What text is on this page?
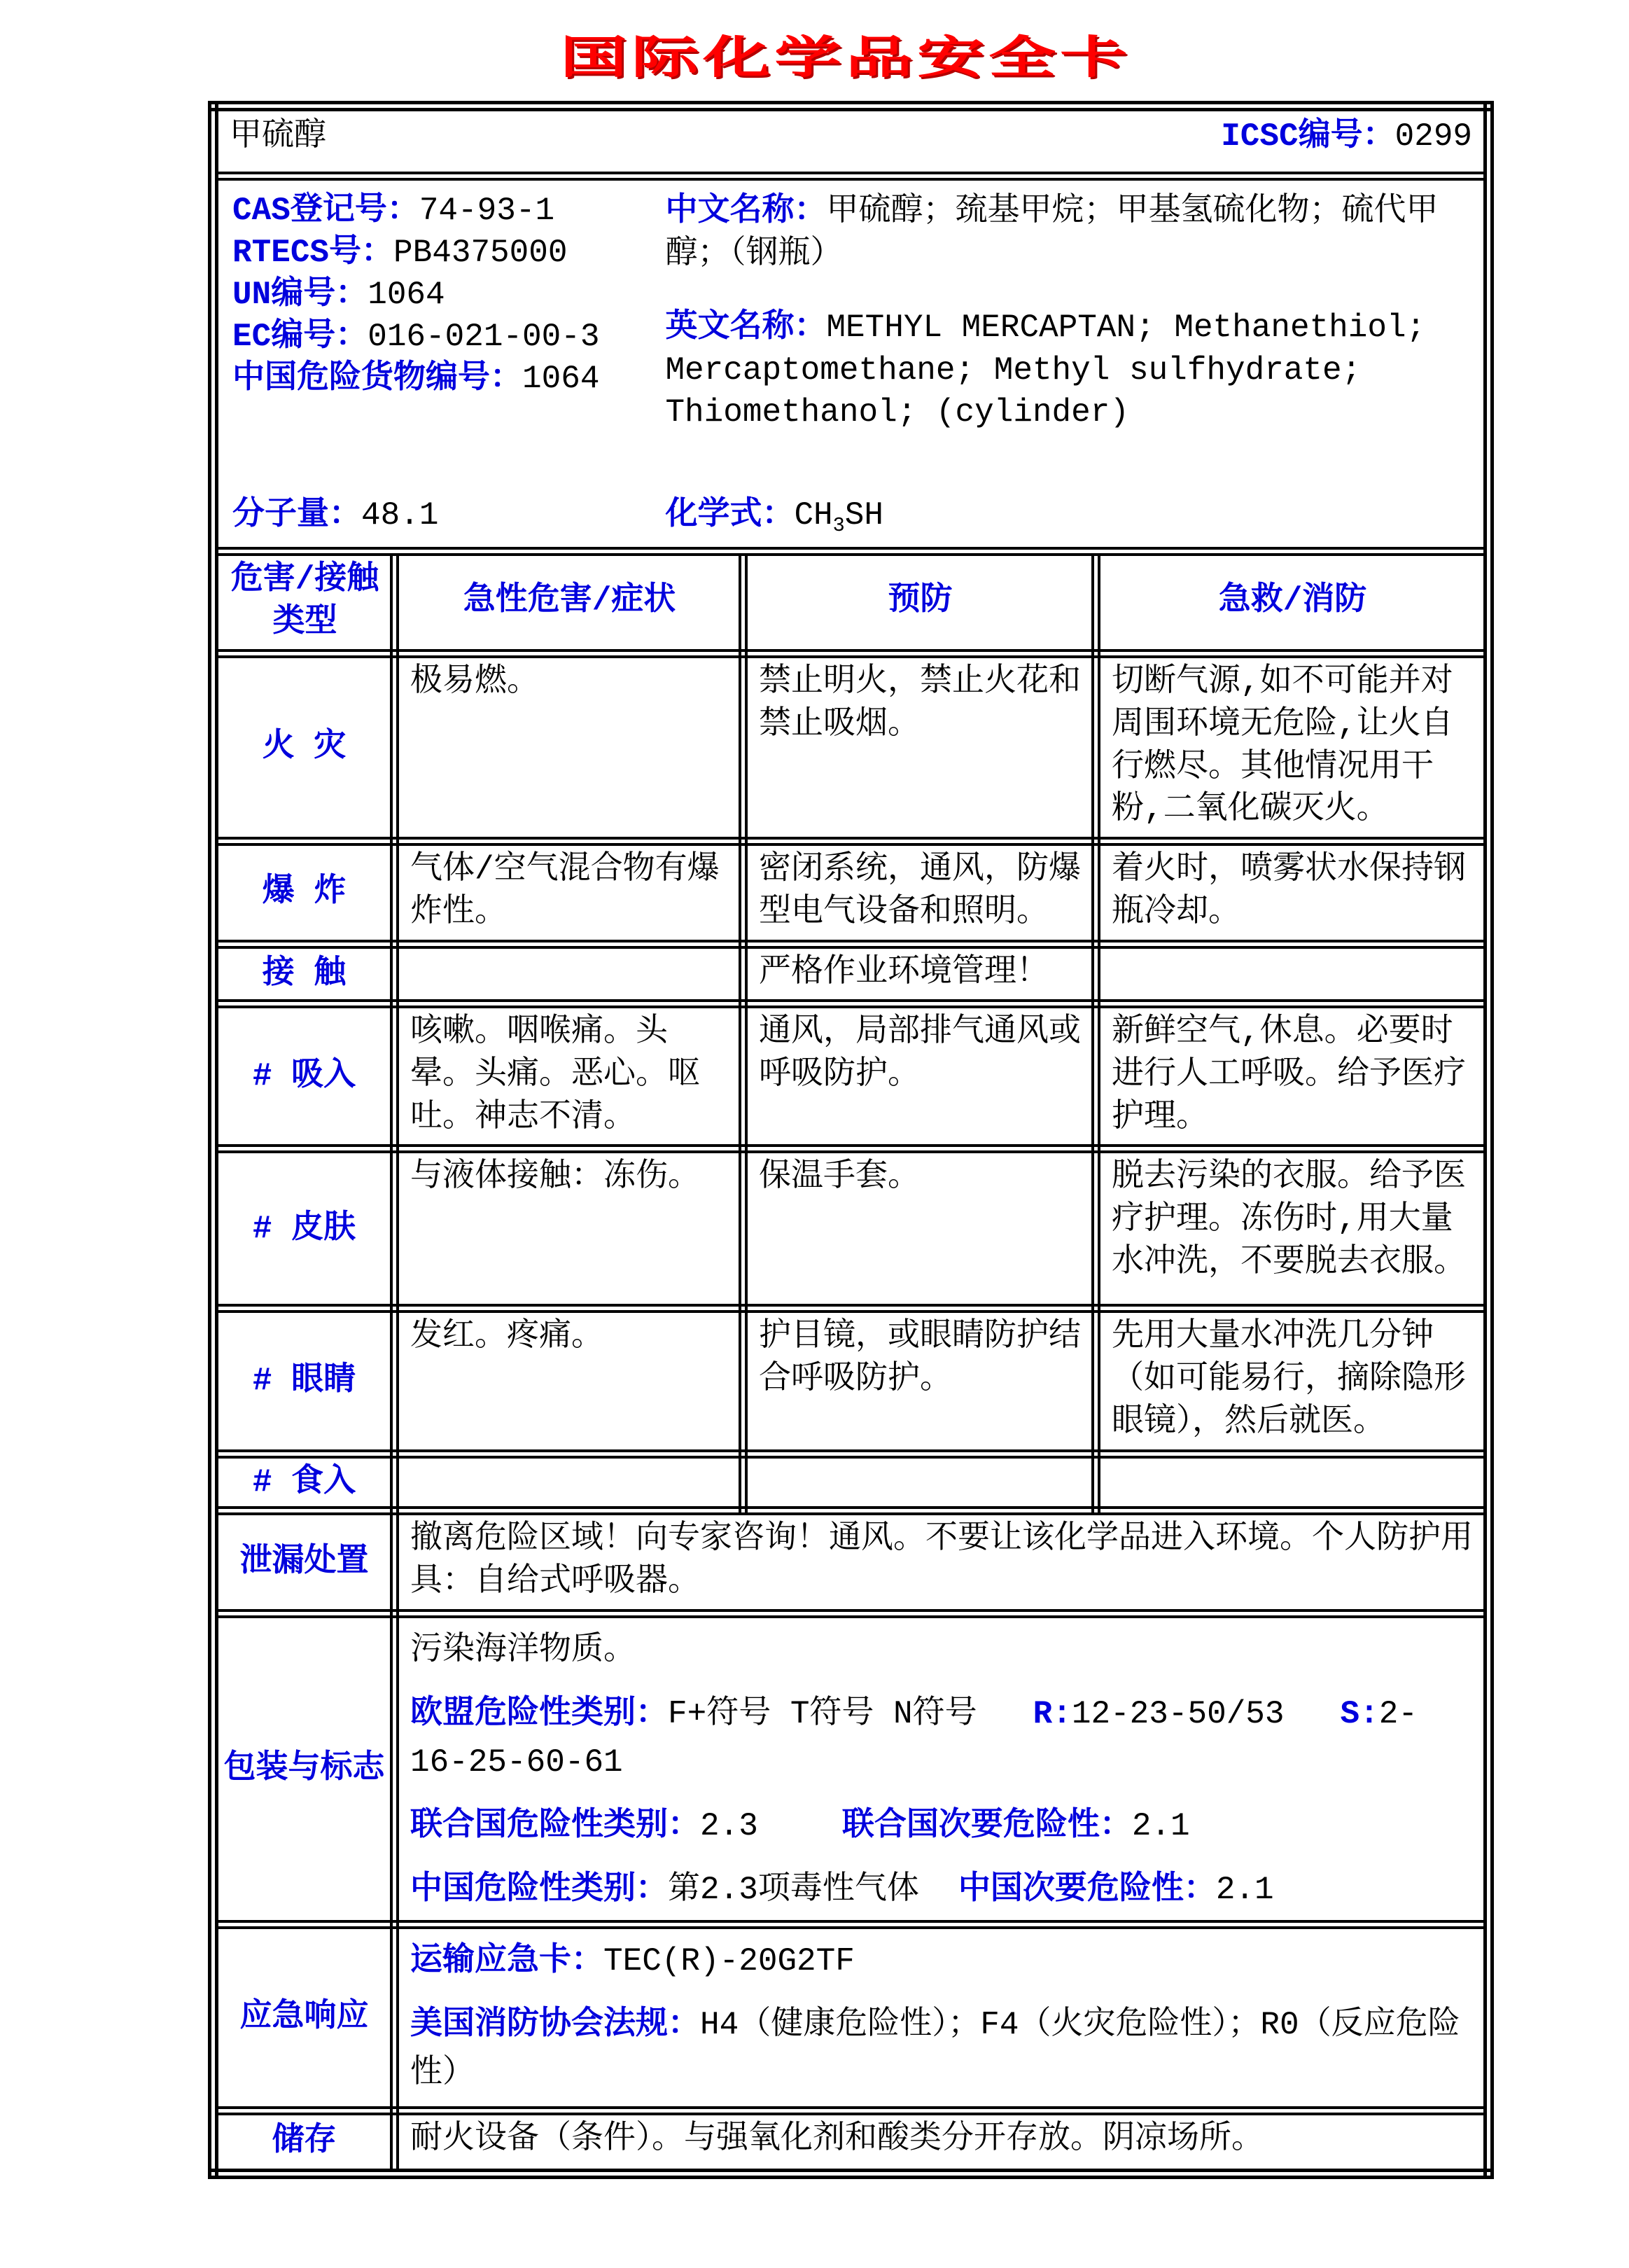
国际化学品安全卡
甲硫醇 ICSC编号：0299			

CAS登记号：74-93-1
RTECS号：PB4375000
UN编号：1064
EC编号：016-021-00-3
中国危险货物编号：1064

中文名称：甲硫醇；巯基甲烷；甲基氢硫化物；硫代甲醇；（钢瓶）

英文名称：METHYL MERCAPTAN; Methanethiol; Mercaptomethane; Methyl sulfhydrate; Thiomethanol; (cylinder)

分子量：48.1	化学式：$CH_3SH$

危害/接触类型	急性危害/症状	预防	急救/消防
火 灾	极易燃。	禁止明火，禁止火花和禁止吸烟。	切断气源,如不可能并对周围环境无危险,让火自行燃尽。其他情况用干粉,二氧化碳灭火。
爆 炸	气体/空气混合物有爆炸性。	密闭系统，通风，防爆型电气设备和照明。	着火时，喷雾状水保持钢瓶冷却。
接 触		严格作业环境管理！	
# 吸入	咳嗽。咽喉痛。头晕。头痛。恶心。呕吐。神志不清。	通风，局部排气通风或呼吸防护。	新鲜空气,休息。必要时进行人工呼吸。给予医疗护理。
# 皮肤	与液体接触：冻伤。	保温手套。	脱去污染的衣服。给予医疗护理。冻伤时,用大量水冲洗，不要脱去衣服。
# 眼睛	发红。疼痛。	护目镜，或眼睛防护结合呼吸防护。	先用大量水冲洗几分钟（如可能易行，摘除隐形眼镜），然后就医。
# 食入			
泄漏处置	撤离危险区域！向专家咨询！通风。不要让该化学品进入环境。个人防护用具：自给式呼吸器。		
包装与标志	污染海洋物质。
欧盟危险性类别：F+符号 T符号 N符号 R:12-23-50/53 S:2-16-25-60-61
联合国危险性类别：2.3 联合国次要危险性：2.1
中国危险性类别：第2.3项毒性气体 中国次要危险性：2.1		

应急响应	运输应急卡：TEC(R)-20G2TF
美国消防协会法规：H4（健康危险性）；F4（火灾危险性）；R0（反应危险性）		

储存	耐火设备（条件）。与强氧化剂和酸类分开存放。阴凉场所。		
